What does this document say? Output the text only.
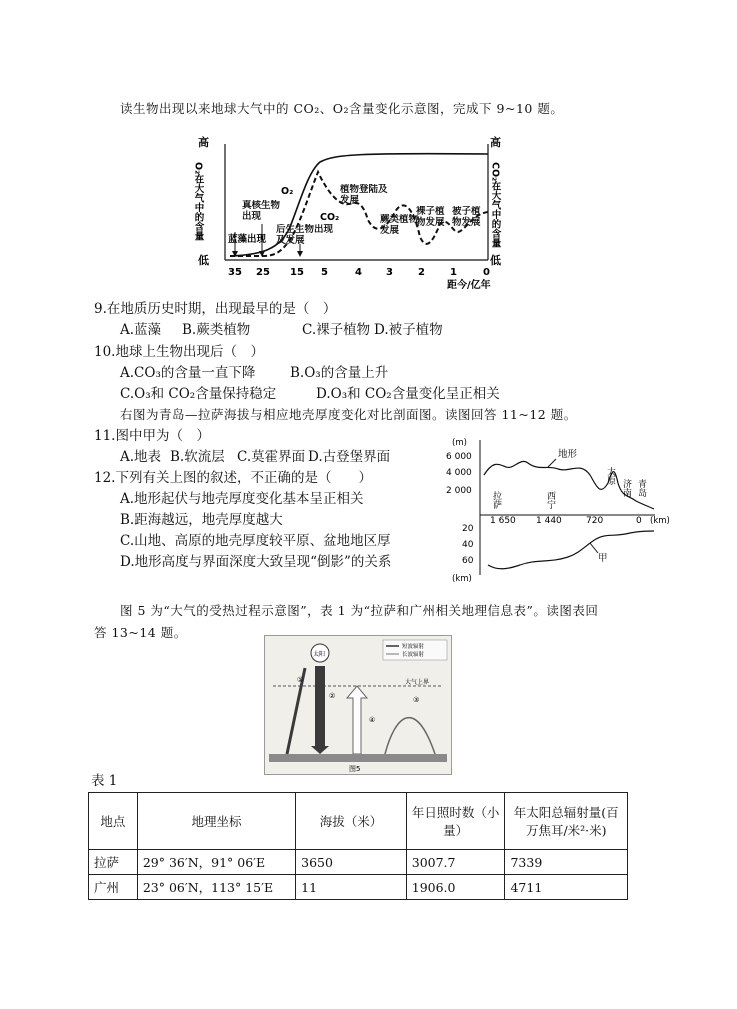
读生物出现以来地球大气中的 CO₂、O₂含量变化示意图，完成下 9~10 题。
高
低
O₂在大气中的含量
高
低
CO₂在大气中的含量
35 25 15 5	4 3	2	1	0
距今/亿年
O₂
CO₂
蓝藻出现
真核生物出现
后生生物出现及发展
植物登陆及发展
蕨类植物发展
裸子植物发展
被子植物发展
9.在地质历史时期，出现最早的是（　）
A.蓝藻 B.蕨类植物	C.裸子植物 D.被子植物
10.地球上生物出现后（　）
A.CO₃的含量一直下降	B.O₃的含量上升
C.O₃和 CO₂含量保持稳定	D.O₃和 CO₂含量变化呈正相关
右图为青岛—拉萨海拔与相应地壳厚度变化对比剖面图。读图回答 11~12 题。
11.图中甲为（　）
A.地表 B.软流层 C.莫霍界面 D.古登堡界面
12.下列有关上图的叙述，不正确的是（　　）
A.地形起伏与地壳厚度变化基本呈正相关
B.距海越远，地壳厚度越大
C.山地、高原的地壳厚度较平原、盆地地区厚
D.地形高度与界面深度大致呈现“倒影”的关系
(m)
6 000
4 000
2 000
地形
拉萨	西宁
太原
济南 青岛
1 650 1 440	720	0 (km)
20
40
60
(km)
甲
图 5 为“大气的受热过程示意图”，表 1 为“拉萨和广州相关地理信息表”。读图表回
答 13~14 题。
短波辐射
长波辐射
太阳
大气上界
①
②	③
④
图5
表 1
地点	地理坐标	海拔（米）	年日照时数（小量）	年太阳总辐射量(百万焦耳/米²·米)
拉萨	29° 36′N，91° 06′E	3650	3007.7	7339
广州	23° 06′N，113° 15′E	11	1906.0	4711
